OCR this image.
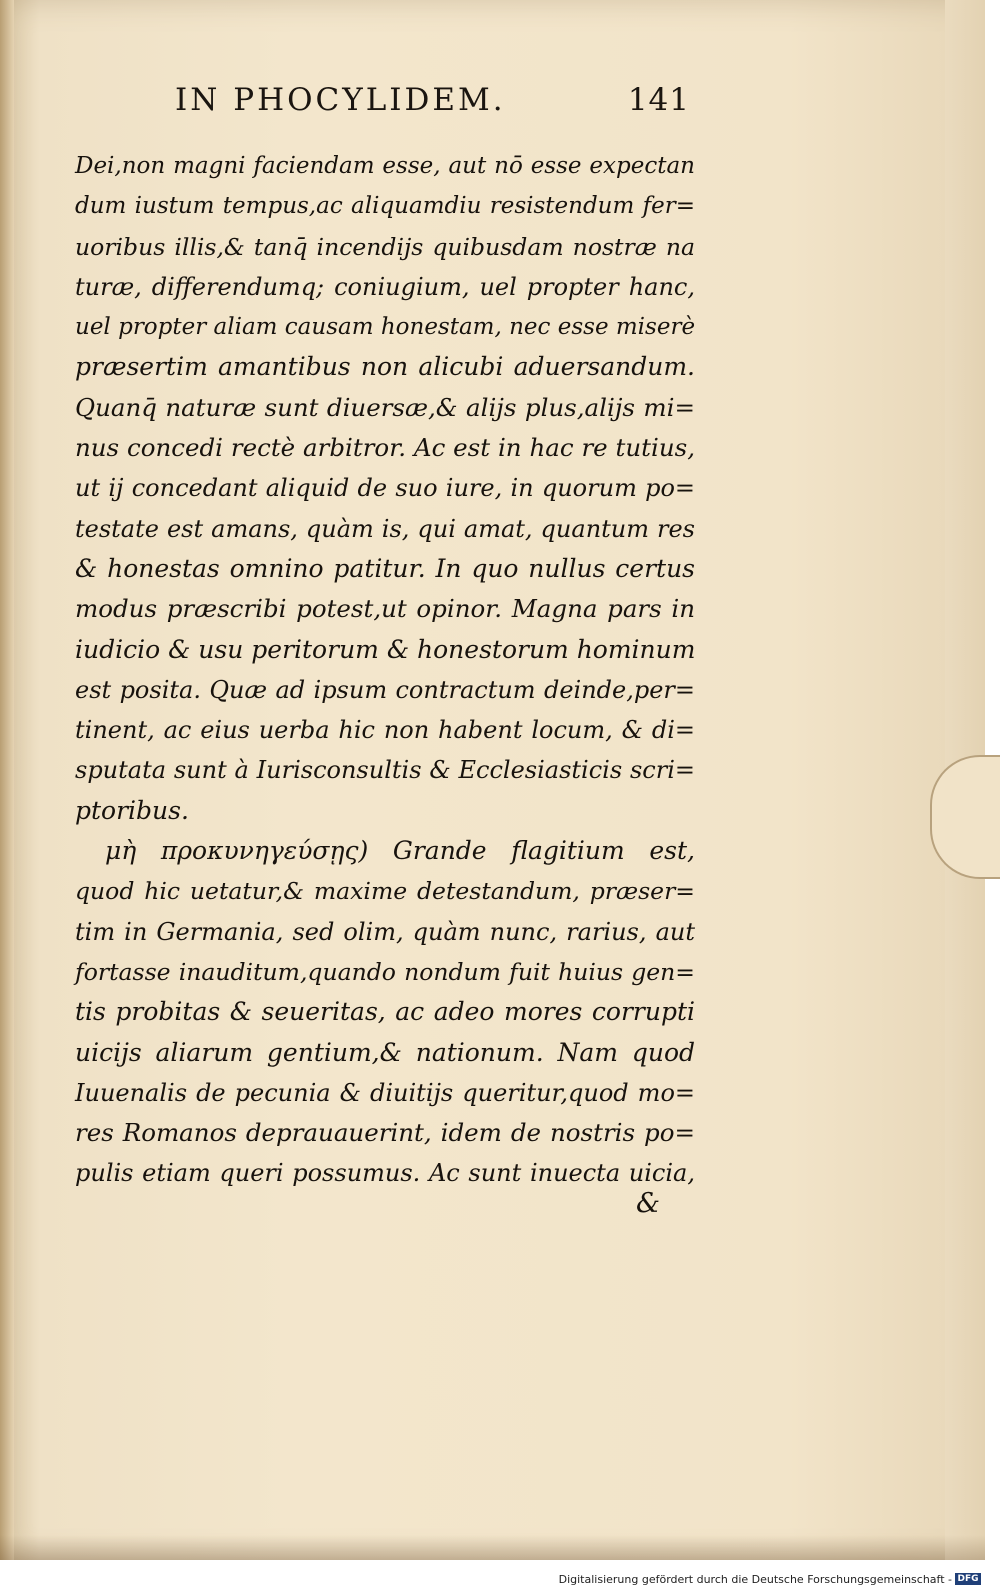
IN PHOCYLIDEM.	141
Dei,non magni faciendam esse, aut nō esse expectan
dum iustum tempus,ac aliquamdiu resistendum fer=
uoribus illis,& tanq̄ incendijs quibusdam nostræ na
turæ, differendumq; coniugium, uel propter hanc,
uel propter aliam causam honestam, nec esse miserè
præsertim amantibus non alicubi aduersandum.
Quanq̄ naturæ sunt diuersæ,& alijs plus,alijs mi=
nus concedi rectè arbitror. Ac est in hac re tutius,
ut ij concedant aliquid de suo iure, in quorum po=
testate est amans, quàm is, qui amat, quantum res
& honestas omnino patitur. In quo nullus certus
modus præscribi potest,ut opinor. Magna pars in
iudicio & usu peritorum & honestorum hominum
est posita. Quæ ad ipsum contractum deinde,per=
tinent, ac eius uerba hic non habent locum, & di=
sputata sunt à Iurisconsultis & Ecclesiasticis scri=
ptoribus.
μὴ προκυνηγεύσῃς) Grande flagitium est,
quod hic uetatur,& maxime detestandum, præser=
tim in Germania, sed olim, quàm nunc, rarius, aut
fortasse inauditum,quando nondum fuit huius gen=
tis probitas & seueritas, ac adeo mores corrupti
uicijs aliarum gentium,& nationum. Nam quod
Iuuenalis de pecunia & diuitijs queritur,quod mo=
res Romanos deprauauerint, idem de nostris po=
pulis etiam queri possumus. Ac sunt inuecta uicia,
&
Digitalisierung gefördert durch die Deutsche Forschungsgemeinschaft - DFG
